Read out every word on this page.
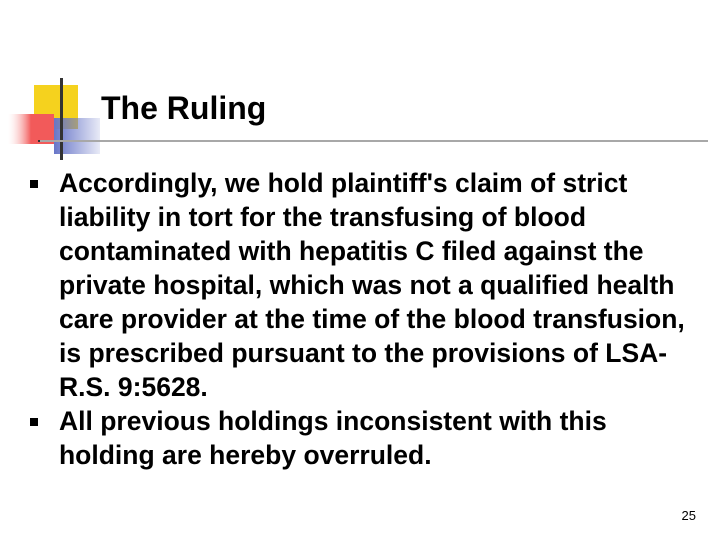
The Ruling
Accordingly, we hold plaintiff's claim of strict liability in tort for the transfusing of blood contaminated with hepatitis C filed against the private hospital, which was not a qualified health care provider at the time of the blood transfusion, is prescribed pursuant to the provisions of LSA-R.S. 9:5628.
All previous holdings inconsistent with this holding are hereby overruled.
25
